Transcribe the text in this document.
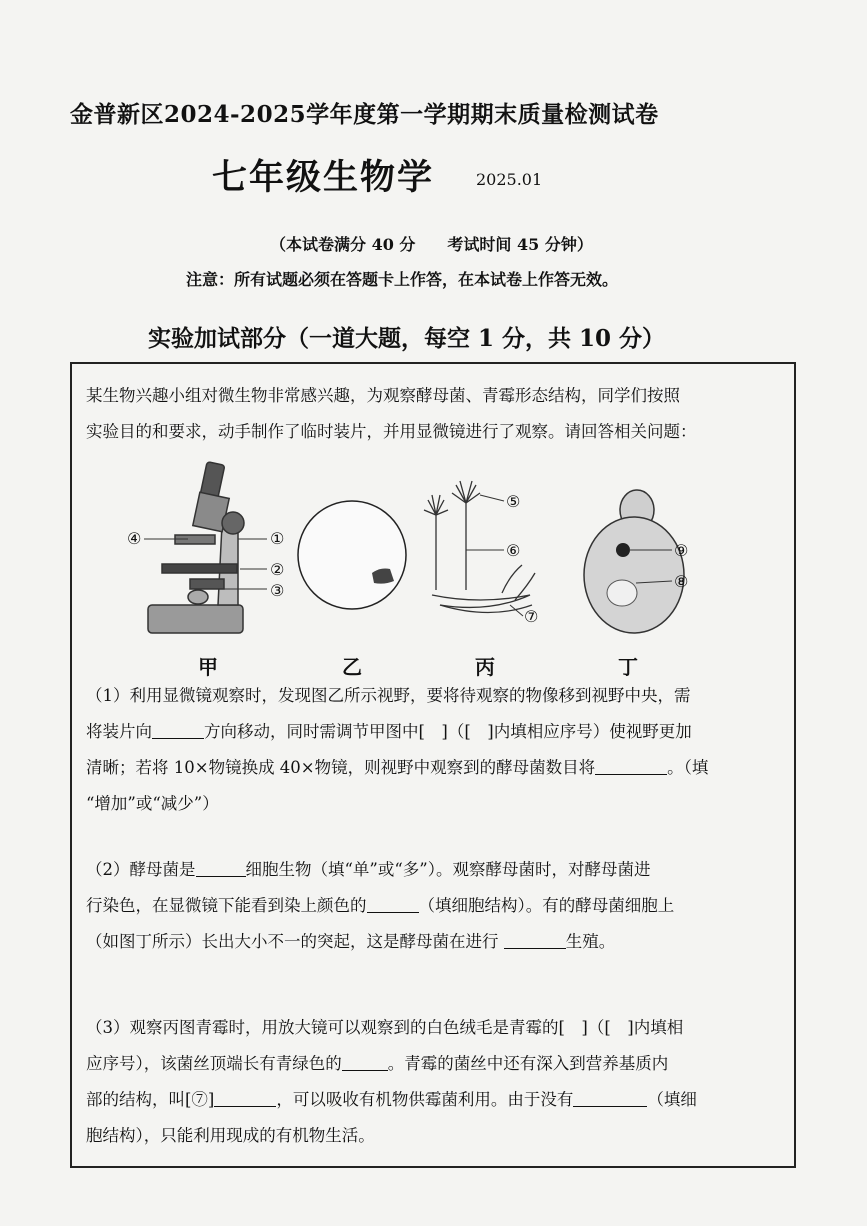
金普新区2024-2025学年度第一学期期末质量检测试卷
七年级生物学	2025.01
（本试卷满分 40 分　　考试时间 45 分钟）
注意：所有试题必须在答题卡上作答，在本试卷上作答无效。
实验加试部分（一道大题，每空 1 分，共 10 分）

某生物兴趣小组对微生物非常感兴趣，为观察酵母菌、青霉形态结构，同学们按照

实验目的和要求，动手制作了临时装片，并用显微镜进行了观察。请回答相关问题：

④	①
②
③
⑤
⑥
⑦
⑨
⑧
甲	乙	丙	丁

（1）利用显微镜观察时，发现图乙所示视野，要将待观察的物像移到视野中央，需

将装片向	方向移动，同时需调节甲图中[　]（[　]内填相应序号）使视野更加

清晰；若将 10×物镜换成 40×物镜，则视野中观察到的酵母菌数目将	。（填

“增加”或“减少”）

（2）酵母菌是	细胞生物（填“单”或“多”）。观察酵母菌时，对酵母菌进

行染色，在显微镜下能看到染上颜色的	（填细胞结构）。有的酵母菌细胞上

（如图丁所示）长出大小不一的突起，这是酵母菌在进行	生殖。

（3）观察丙图青霉时，用放大镜可以观察到的白色绒毛是青霉的[　]（[　]内填相

应序号），该菌丝顶端长有青绿色的	。青霉的菌丝中还有深入到营养基质内

部的结构，叫[⑦]	，可以吸收有机物供霉菌利用。由于没有	（填细

胞结构），只能利用现成的有机物生活。
